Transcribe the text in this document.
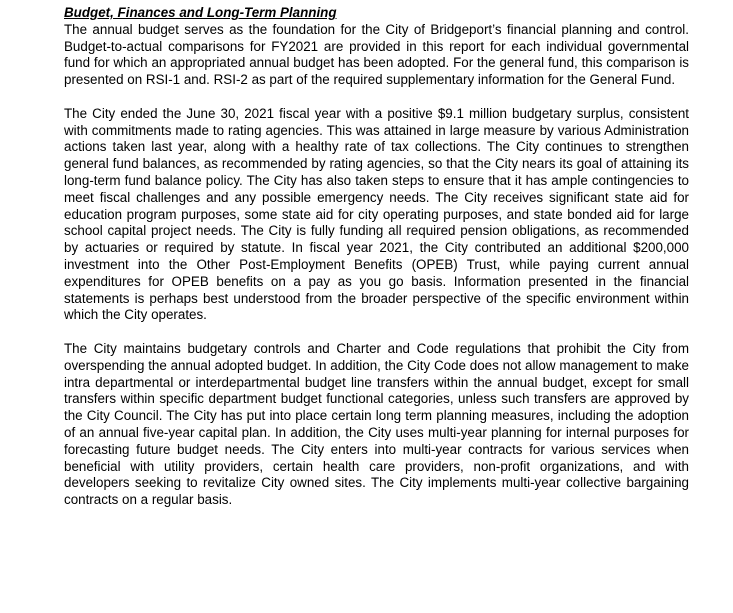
Budget, Finances and Long-Term Planning

The annual budget serves as the foundation for the City of Bridgeport’s financial planning and control. Budget-to-actual comparisons for FY2021 are provided in this report for each individual governmental fund for which an appropriated annual budget has been adopted. For the general fund, this comparison is presented on RSI-1 and. RSI-2 as part of the required supplementary information for the General Fund.

The City ended the June 30, 2021 fiscal year with a positive $9.1 million budgetary surplus, consistent with commitments made to rating agencies. This was attained in large measure by various Administration actions taken last year, along with a healthy rate of tax collections. The City continues to strengthen general fund balances, as recommended by rating agencies, so that the City nears its goal of attaining its long-term fund balance policy. The City has also taken steps to ensure that it has ample contingencies to meet fiscal challenges and any possible emergency needs. The City receives significant state aid for education program purposes, some state aid for city operating purposes, and state bonded aid for large school capital project needs. The City is fully funding all required pension obligations, as recommended by actuaries or required by statute. In fiscal year 2021, the City contributed an additional $200,000 investment into the Other Post-Employment Benefits (OPEB) Trust, while paying current annual expenditures for OPEB benefits on a pay as you go basis. Information presented in the financial statements is perhaps best understood from the broader perspective of the specific environment within which the City operates.

The City maintains budgetary controls and Charter and Code regulations that prohibit the City from overspending the annual adopted budget. In addition, the City Code does not allow management to make intra departmental or interdepartmental budget line transfers within the annual budget, except for small transfers within specific department budget functional categories, unless such transfers are approved by the City Council. The City has put into place certain long term planning measures, including the adoption of an annual five-year capital plan. In addition, the City uses multi-year planning for internal purposes for forecasting future budget needs. The City enters into multi-year contracts for various services when beneficial with utility providers, certain health care providers, non-profit organizations, and with developers seeking to revitalize City owned sites. The City implements multi-year collective bargaining contracts on a regular basis.
